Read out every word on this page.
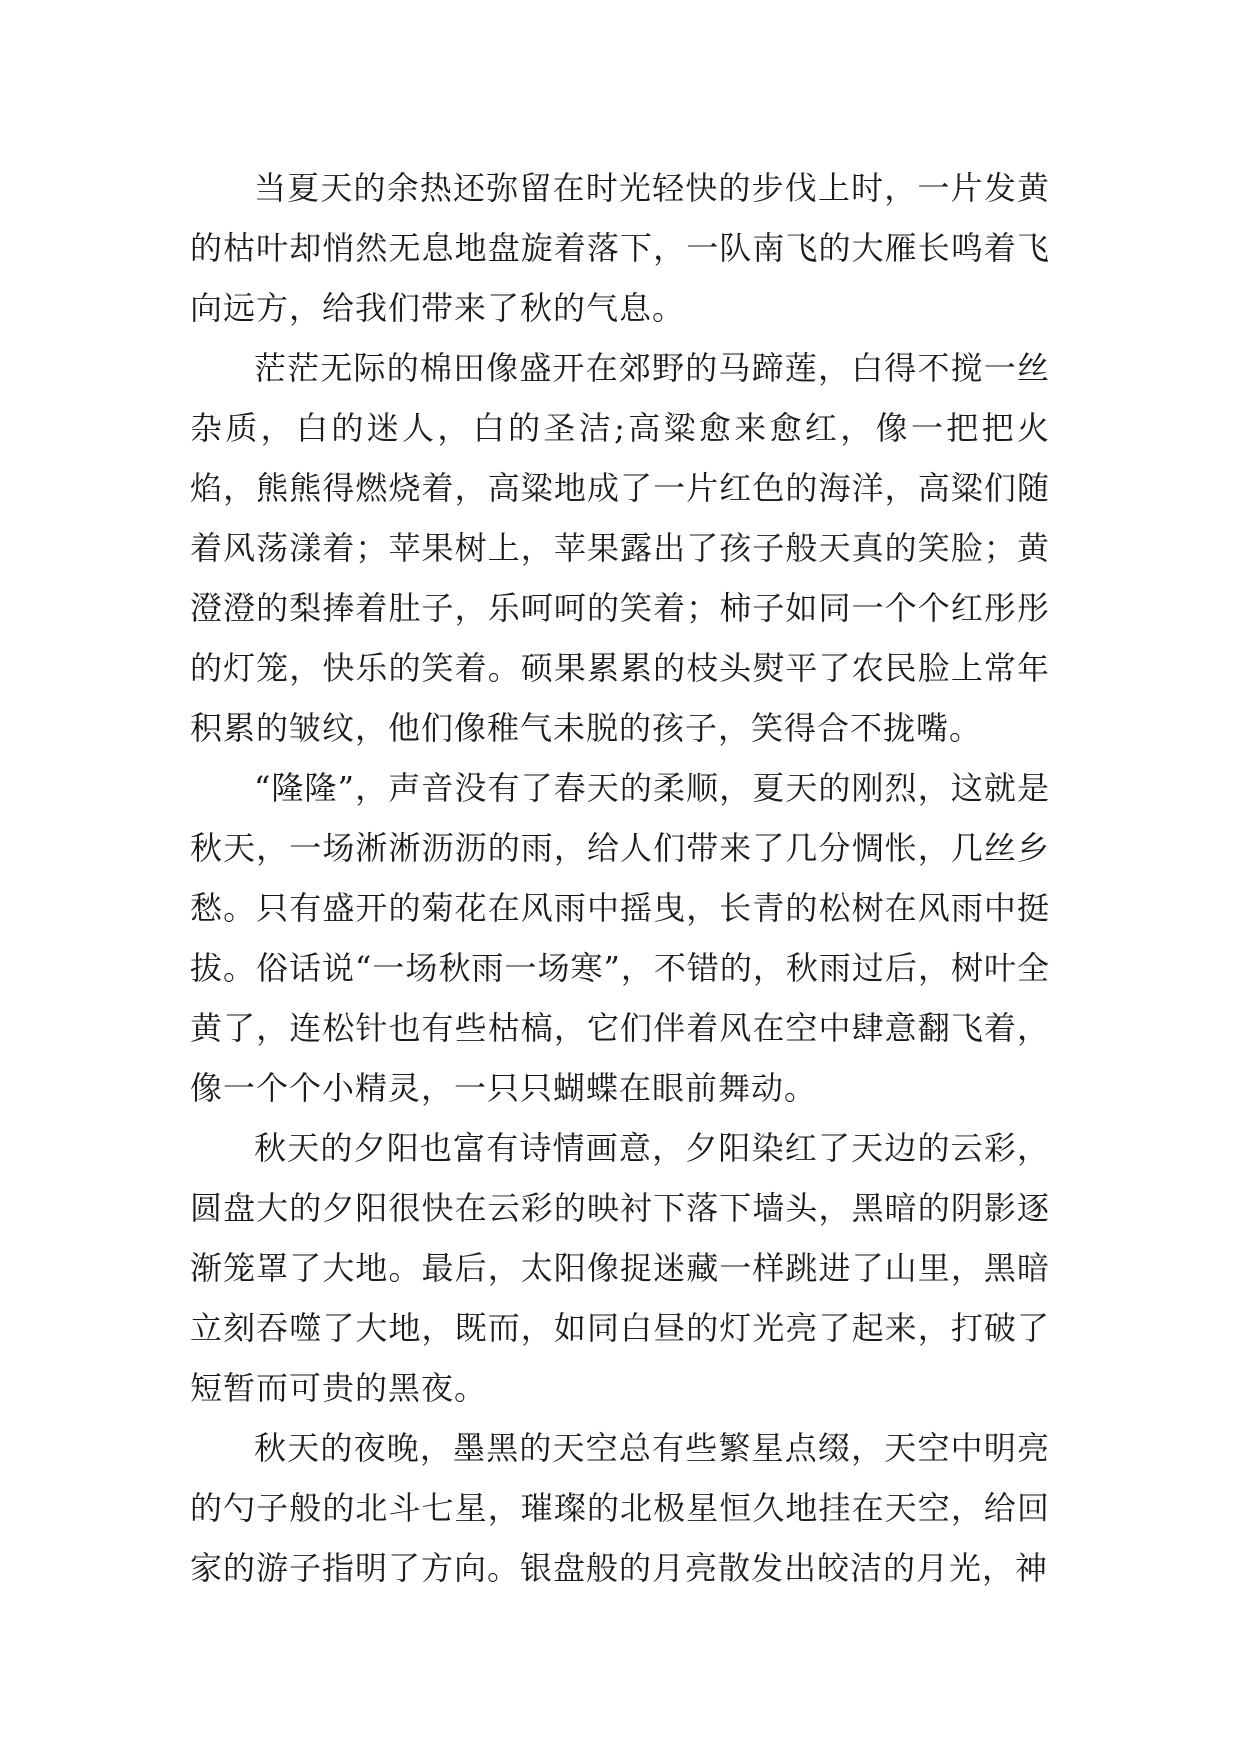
当夏天的余热还弥留在时光轻快的步伐上时，一片发黄的枯叶却悄然无息地盘旋着落下，一队南飞的大雁长鸣着飞向远方，给我们带来了秋的气息。

茫茫无际的棉田像盛开在郊野的马蹄莲，白得不搅一丝杂质，白的迷人，白的圣洁;高粱愈来愈红，像一把把火焰，熊熊得燃烧着，高粱地成了一片红色的海洋，高粱们随着风荡漾着；苹果树上，苹果露出了孩子般天真的笑脸；黄澄澄的梨捧着肚子，乐呵呵的笑着；柿子如同一个个红彤彤的灯笼，快乐的笑着。硕果累累的枝头熨平了农民脸上常年积累的皱纹，他们像稚气未脱的孩子，笑得合不拢嘴。

“隆隆”，声音没有了春天的柔顺，夏天的刚烈，这就是秋天，一场淅淅沥沥的雨，给人们带来了几分惆怅，几丝乡愁。只有盛开的菊花在风雨中摇曳，长青的松树在风雨中挺拔。俗话说“一场秋雨一场寒”，不错的，秋雨过后，树叶全黄了，连松针也有些枯槁，它们伴着风在空中肆意翻飞着，像一个个小精灵，一只只蝴蝶在眼前舞动。

秋天的夕阳也富有诗情画意，夕阳染红了天边的云彩，圆盘大的夕阳很快在云彩的映衬下落下墙头，黑暗的阴影逐渐笼罩了大地。最后，太阳像捉迷藏一样跳进了山里，黑暗立刻吞噬了大地，既而，如同白昼的灯光亮了起来，打破了短暂而可贵的黑夜。

秋天的夜晚，墨黑的天空总有些繁星点缀，天空中明亮的勺子般的北斗七星，璀璨的北极星恒久地挂在天空，给回家的游子指明了方向。银盘般的月亮散发出皎洁的月光，神
